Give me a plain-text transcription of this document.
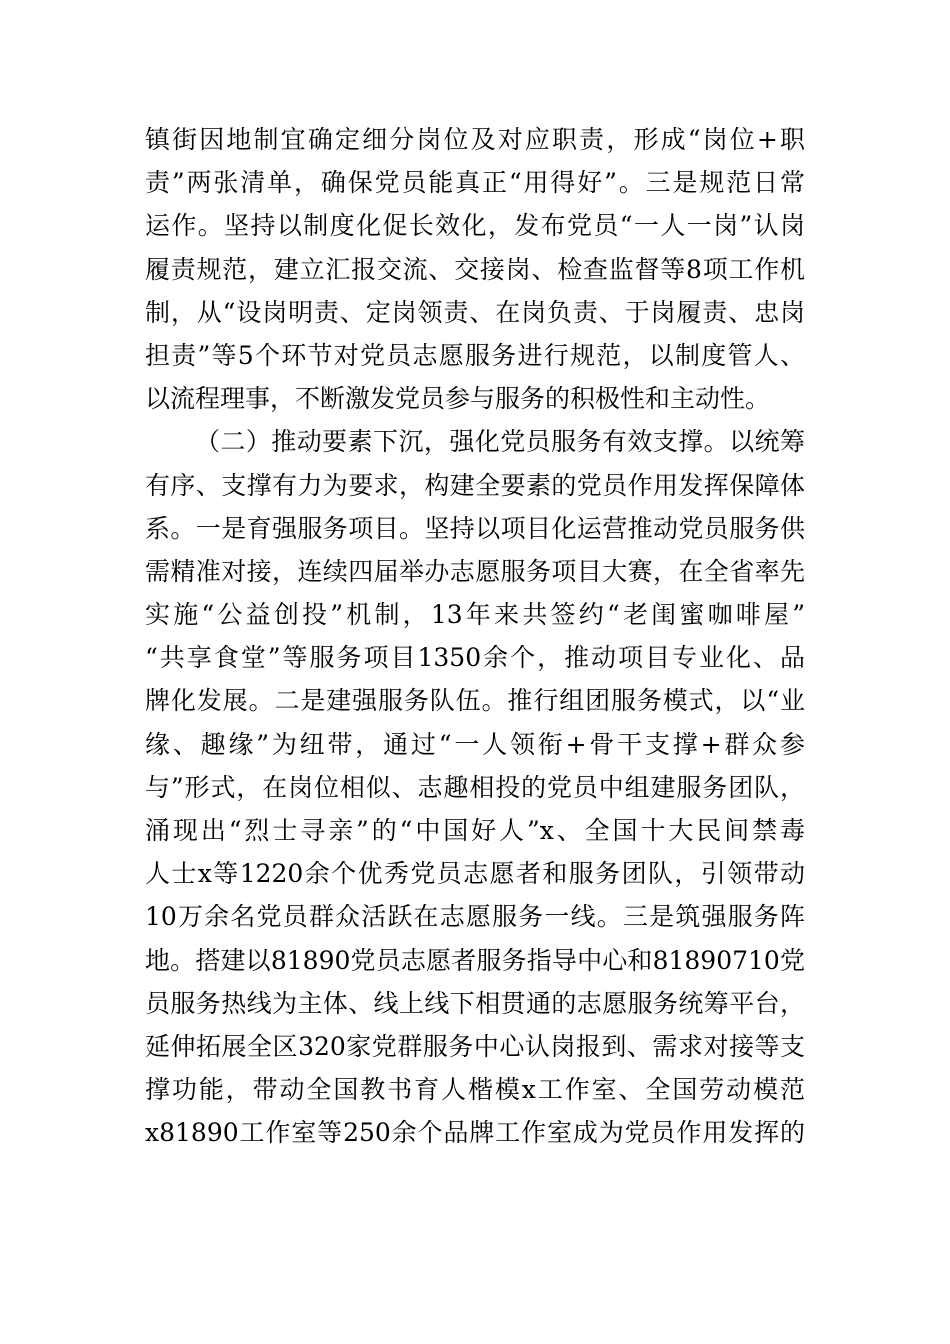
镇街因地制宜确定细分岗位及对应职责，形成“岗位+职
责”两张清单，确保党员能真正“用得好”。三是规范日常
运作。坚持以制度化促长效化，发布党员“一人一岗”认岗
履责规范，建立汇报交流、交接岗、检查监督等8项工作机
制，从“设岗明责、定岗领责、在岗负责、于岗履责、忠岗
担责”等5个环节对党员志愿服务进行规范，以制度管人、
以流程理事，不断激发党员参与服务的积极性和主动性。
（二）推动要素下沉，强化党员服务有效支撑。以统筹
有序、支撑有力为要求，构建全要素的党员作用发挥保障体
系。一是育强服务项目。坚持以项目化运营推动党员服务供
需精准对接，连续四届举办志愿服务项目大赛，在全省率先
实施“公益创投”机制，13年来共签约“老闺蜜咖啡屋”
“共享食堂”等服务项目1350余个，推动项目专业化、品
牌化发展。二是建强服务队伍。推行组团服务模式，以“业
缘、趣缘”为纽带，通过“一人领衔+骨干支撑+群众参
与”形式，在岗位相似、志趣相投的党员中组建服务团队，
涌现出“烈士寻亲”的“中国好人”x、全国十大民间禁毒
人士x等1220余个优秀党员志愿者和服务团队，引领带动
10万余名党员群众活跃在志愿服务一线。三是筑强服务阵
地。搭建以81890党员志愿者服务指导中心和81890710党
员服务热线为主体、线上线下相贯通的志愿服务统筹平台，
延伸拓展全区320家党群服务中心认岗报到、需求对接等支
撑功能，带动全国教书育人楷模x工作室、全国劳动模范
x81890工作室等250余个品牌工作室成为党员作用发挥的
